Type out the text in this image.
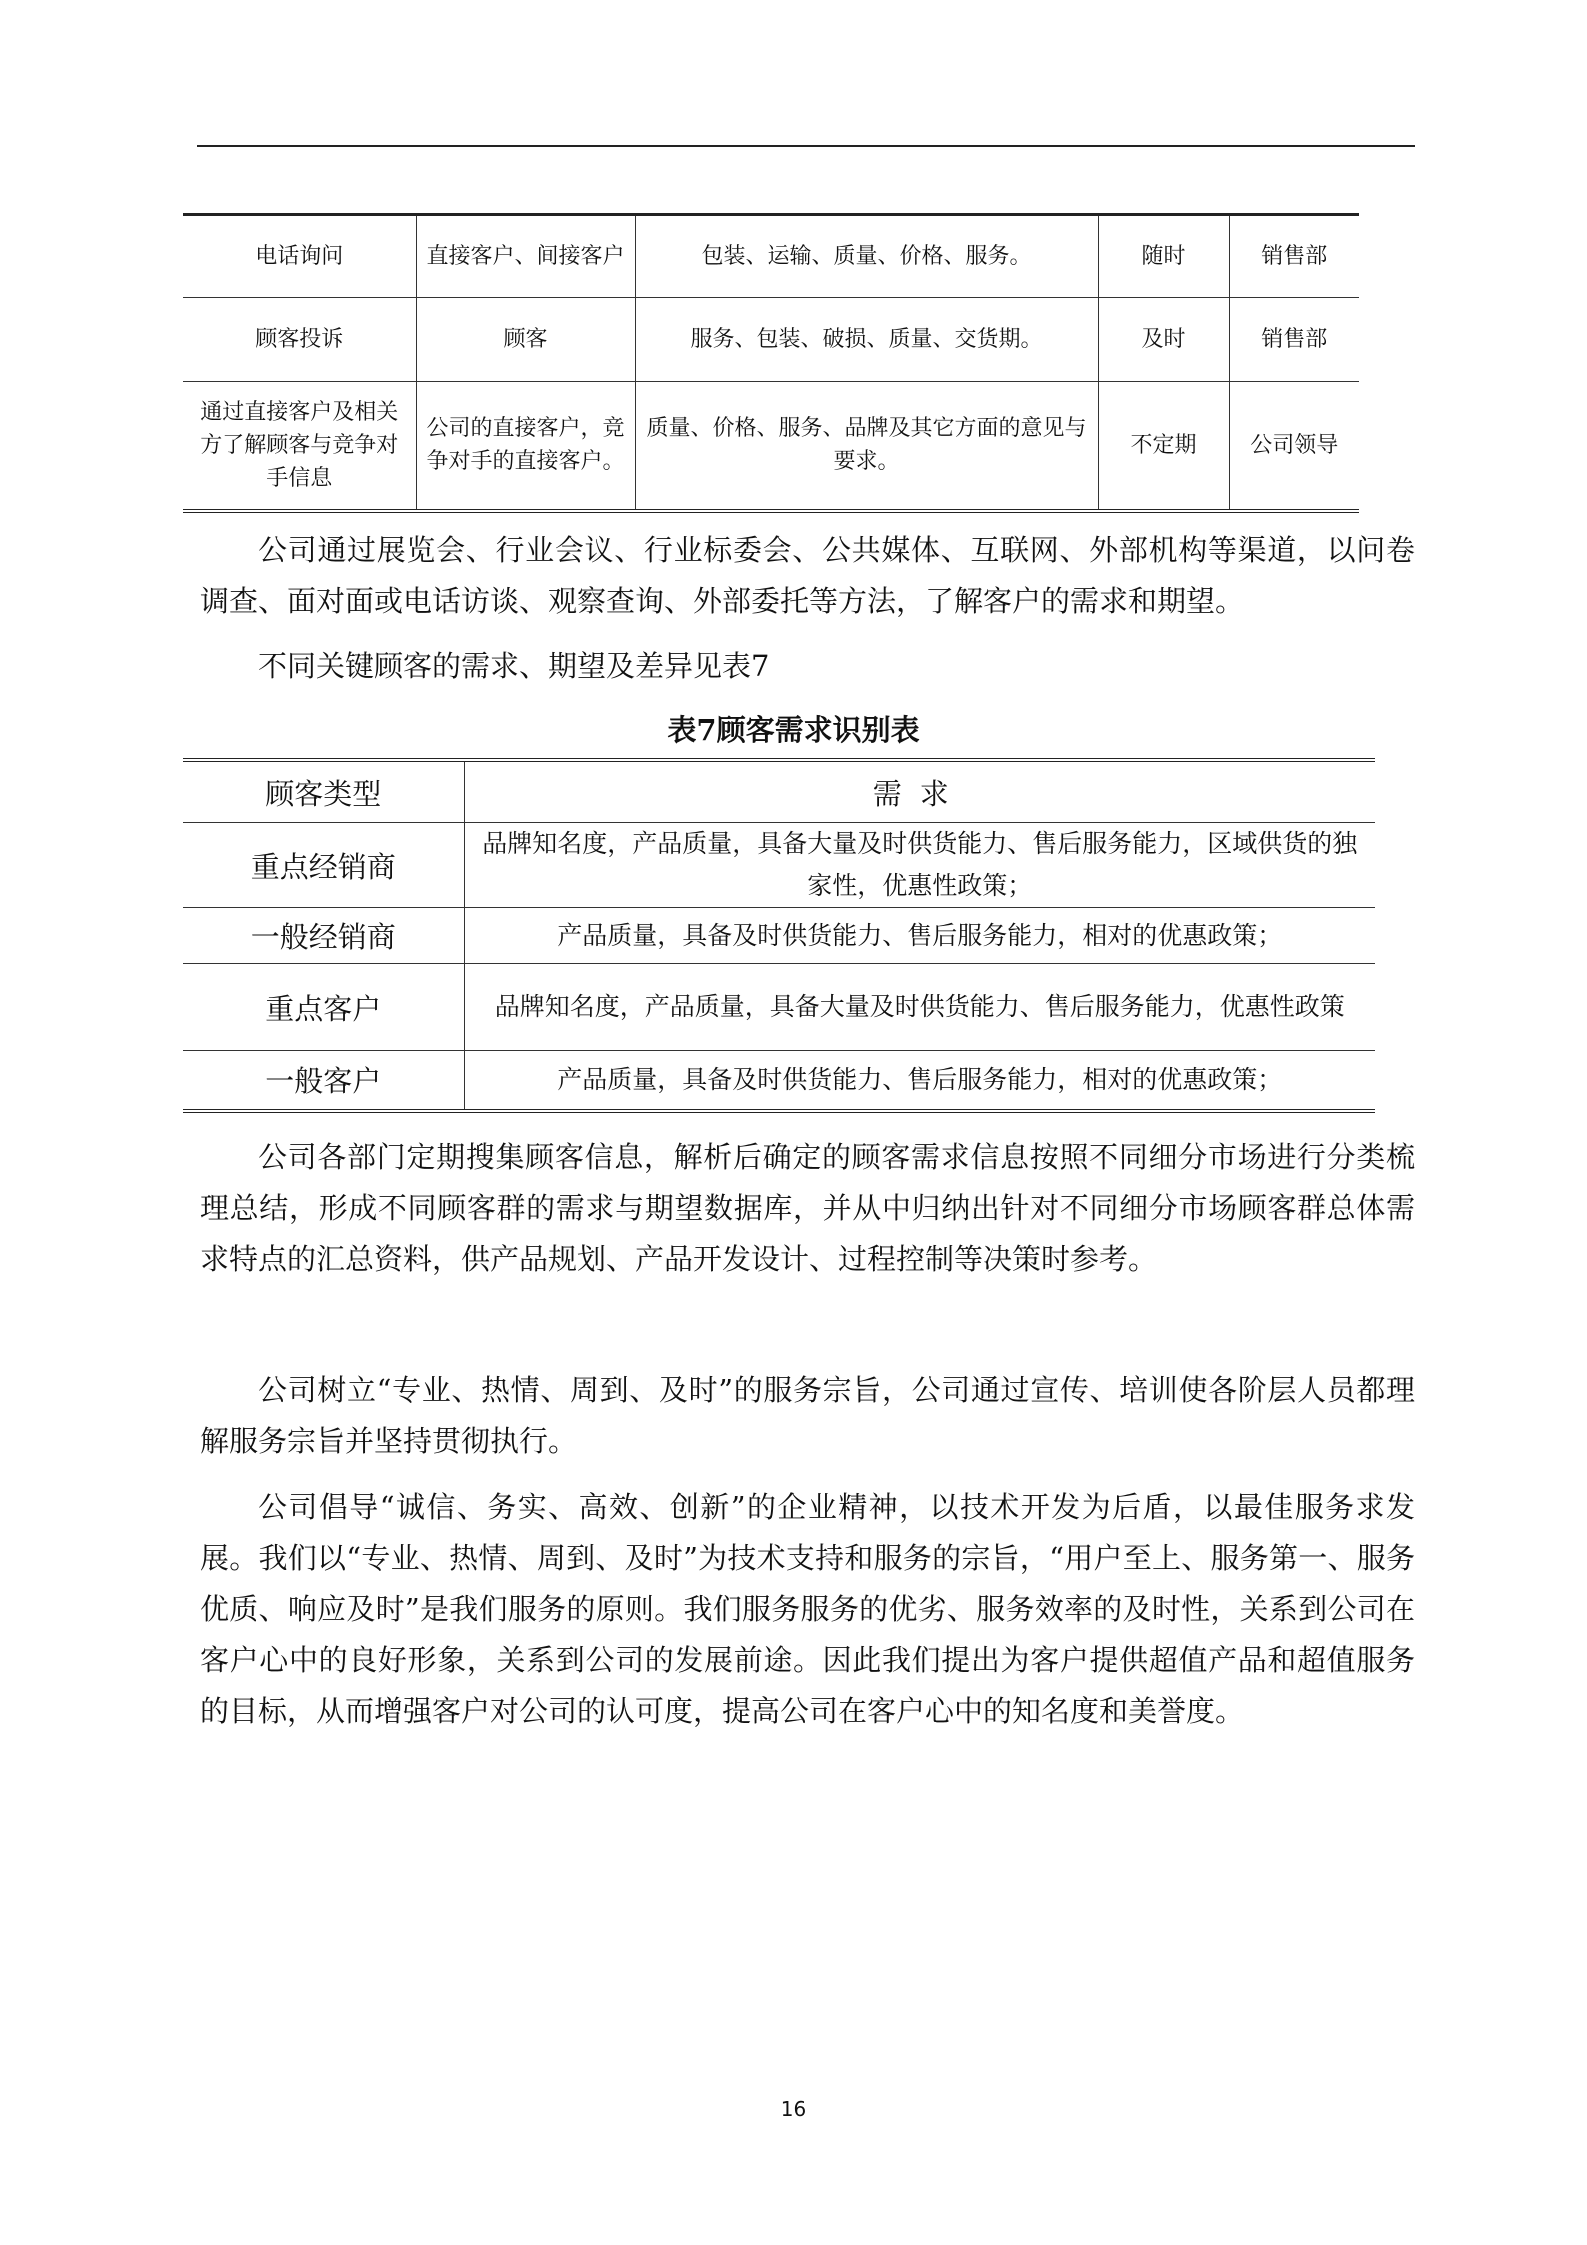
电话询问	直接客户、间接客户	包装、运输、质量、价格、服务。	随时	销售部
顾客投诉	顾客	服务、包装、破损、质量、交货期。	及时	销售部
通过直接客户及相关方了解顾客与竞争对手信息	公司的直接客户，竞争对手的直接客户。	质量、价格、服务、品牌及其它方面的意见与要求。	不定期	公司领导

公司通过展览会、行业会议、行业标委会、公共媒体、互联网、外部机构等渠道，以问卷调查、面对面或电话访谈、观察查询、外部委托等方法，了解客户的需求和期望。

不同关键顾客的需求、期望及差异见表7

表7顾客需求识别表

顾客类型	需求
重点经销商	品牌知名度，产品质量，具备大量及时供货能力、售后服务能力，区域供货的独家性，优惠性政策；
一般经销商	产品质量，具备及时供货能力、售后服务能力，相对的优惠政策；
重点客户	品牌知名度，产品质量，具备大量及时供货能力、售后服务能力，优惠性政策
一般客户	产品质量，具备及时供货能力、售后服务能力，相对的优惠政策；

公司各部门定期搜集顾客信息，解析后确定的顾客需求信息按照不同细分市场进行分类梳理总结，形成不同顾客群的需求与期望数据库，并从中归纳出针对不同细分市场顾客群总体需求特点的汇总资料，供产品规划、产品开发设计、过程控制等决策时参考。

公司树立“专业、热情、周到、及时”的服务宗旨，公司通过宣传、培训使各阶层人员都理解服务宗旨并坚持贯彻执行。

公司倡导“诚信、务实、高效、创新”的企业精神，以技术开发为后盾，以最佳服务求发展。我们以“专业、热情、周到、及时”为技术支持和服务的宗旨，“用户至上、服务第一、服务优质、响应及时”是我们服务的原则。我们服务服务的优劣、服务效率的及时性，关系到公司在客户心中的良好形象，关系到公司的发展前途。因此我们提出为客户提供超值产品和超值服务的目标，从而增强客户对公司的认可度，提高公司在客户心中的知名度和美誉度。

16
